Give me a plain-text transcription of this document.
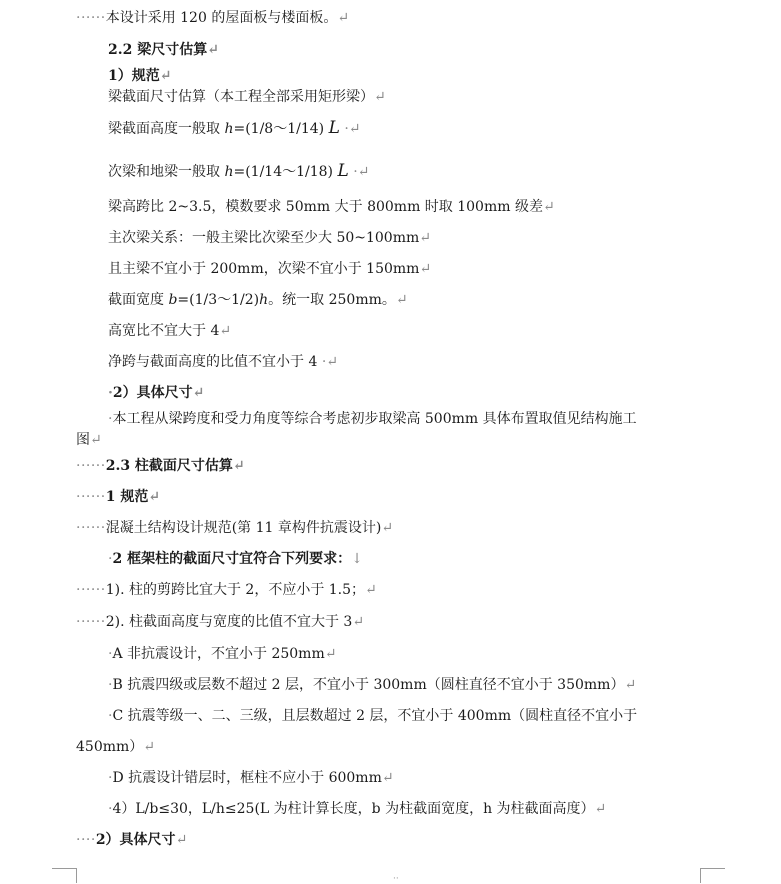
······本设计采用 120 的屋面板与楼面板。↵
2.2 梁尺寸估算↵
1）规范↵
梁截面尺寸估算（本工程全部采用矩形梁）↵
梁截面高度一般取 h=(1/8～1/14) L ·↵
次梁和地梁一般取 h=(1/14～1/18) L ·↵
梁高跨比 2~3.5，模数要求 50mm 大于 800mm 时取 100mm 级差↵
主次梁关系：一般主梁比次梁至少大 50~100mm↵
且主梁不宜小于 200mm，次梁不宜小于 150mm↵
截面宽度 b=(1/3～1/2)h。统一取 250mm。↵
高宽比不宜大于 4↵
净跨与截面高度的比值不宜小于 4 ·↵
·2）具体尺寸↵
·本工程从梁跨度和受力角度等综合考虑初步取梁高 500mm 具体布置取值见结构施工
图↵
······2.3 柱截面尺寸估算↵
······1 规范↵
······混凝土结构设计规范(第 11 章构件抗震设计)↵
·2 框架柱的截面尺寸宜符合下列要求：↓
······1). 柱的剪跨比宜大于 2，不应小于 1.5；↵
······2). 柱截面高度与宽度的比值不宜大于 3↵
·A 非抗震设计，不宜小于 250mm↵
·B 抗震四级或层数不超过 2 层，不宜小于 300mm（圆柱直径不宜小于 350mm）↵
·C 抗震等级一、二、三级，且层数超过 2 层，不宜小于 400mm（圆柱直径不宜小于
450mm）↵
·D 抗震设计错层时，框柱不应小于 600mm↵
·4）L/b≤30，L/h≤25(L 为柱计算长度，b 为柱截面宽度，h 为柱截面高度）↵
····2）具体尺寸↵
··
